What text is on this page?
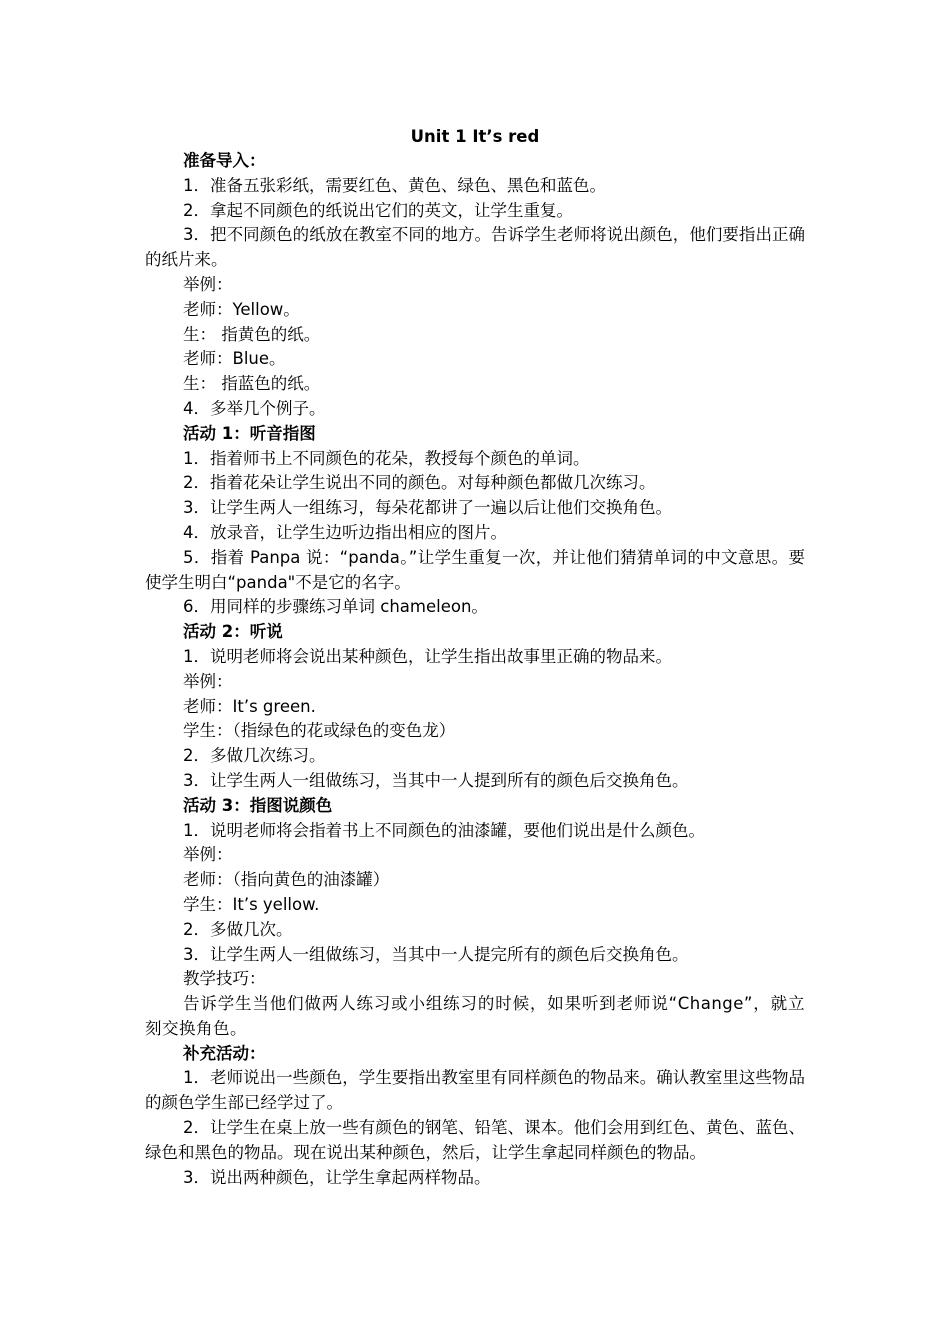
Unit 1 It’s red

准备导入：

1．准备五张彩纸，需要红色、黄色、绿色、黑色和蓝色。

2．拿起不同颜色的纸说出它们的英文，让学生重复。

3．把不同颜色的纸放在教室不同的地方。告诉学生老师将说出颜色，他们要指出正确的纸片来。

举例：

老师：Yellow。

生： 指黄色的纸。

老师：Blue。

生： 指蓝色的纸。

4．多举几个例子。

活动 1：听音指图

1．指着师书上不同颜色的花朵，教授每个颜色的单词。

2．指着花朵让学生说出不同的颜色。对每种颜色都做几次练习。

3．让学生两人一组练习，每朵花都讲了一遍以后让他们交换角色。

4．放录音，让学生边听边指出相应的图片。

5．指着 Panpa 说：“panda。”让学生重复一次，并让他们猜猜单词的中文意思。要使学生明白“panda"不是它的名字。

6．用同样的步骤练习单词 chameleon。

活动 2：听说

1．说明老师将会说出某种颜色，让学生指出故事里正确的物品来。

举例：

老师：It’s green.

学生：（指绿色的花或绿色的变色龙）

2．多做几次练习。

3．让学生两人一组做练习，当其中一人提到所有的颜色后交换角色。

活动 3：指图说颜色

1．说明老师将会指着书上不同颜色的油漆罐，要他们说出是什么颜色。

举例：

老师：（指向黄色的油漆罐）

学生：It’s yellow.

2．多做几次。

3．让学生两人一组做练习，当其中一人提完所有的颜色后交换角色。

教学技巧：

告诉学生当他们做两人练习或小组练习的时候，如果听到老师说“Change”，就立刻交换角色。

补充活动：

1．老师说出一些颜色，学生要指出教室里有同样颜色的物品来。确认教室里这些物品的颜色学生部已经学过了。

2．让学生在桌上放一些有颜色的钢笔、铅笔、课本。他们会用到红色、黄色、蓝色、绿色和黑色的物品。现在说出某种颜色，然后，让学生拿起同样颜色的物品。

3．说出两种颜色，让学生拿起两样物品。
